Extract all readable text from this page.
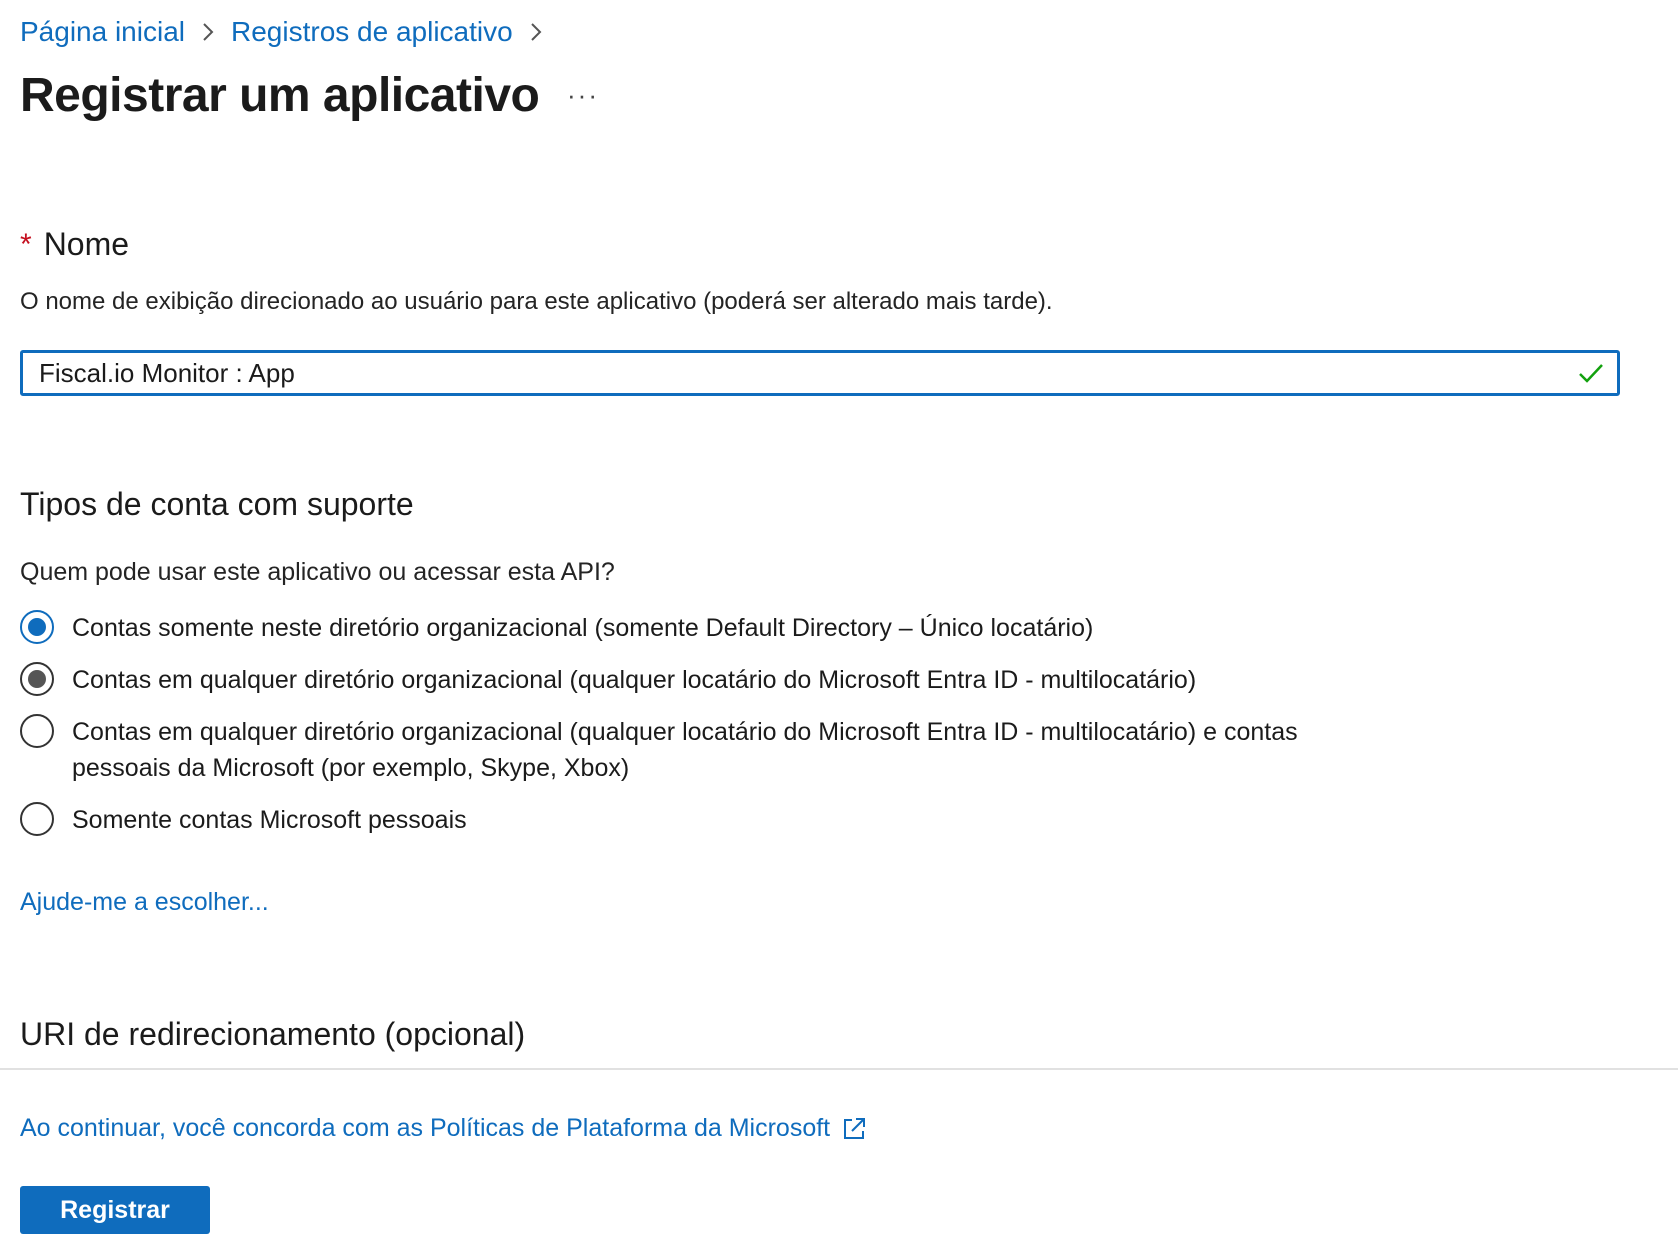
Página inicial Registros de aplicativo
Registrar um aplicativo ···
* Nome
O nome de exibição direcionado ao usuário para este aplicativo (poderá ser alterado mais tarde).
Fiscal.io Monitor : App
Tipos de conta com suporte
Quem pode usar este aplicativo ou acessar esta API?
Contas somente neste diretório organizacional (somente Default Directory – Único locatário)
Contas em qualquer diretório organizacional (qualquer locatário do Microsoft Entra ID - multilocatário)
Contas em qualquer diretório organizacional (qualquer locatário do Microsoft Entra ID - multilocatário) e contas pessoais da Microsoft (por exemplo, Skype, Xbox)
Somente contas Microsoft pessoais
Ajude-me a escolher...
URI de redirecionamento (opcional)
Ao continuar, você concorda com as Políticas de Plataforma da Microsoft
Registrar
